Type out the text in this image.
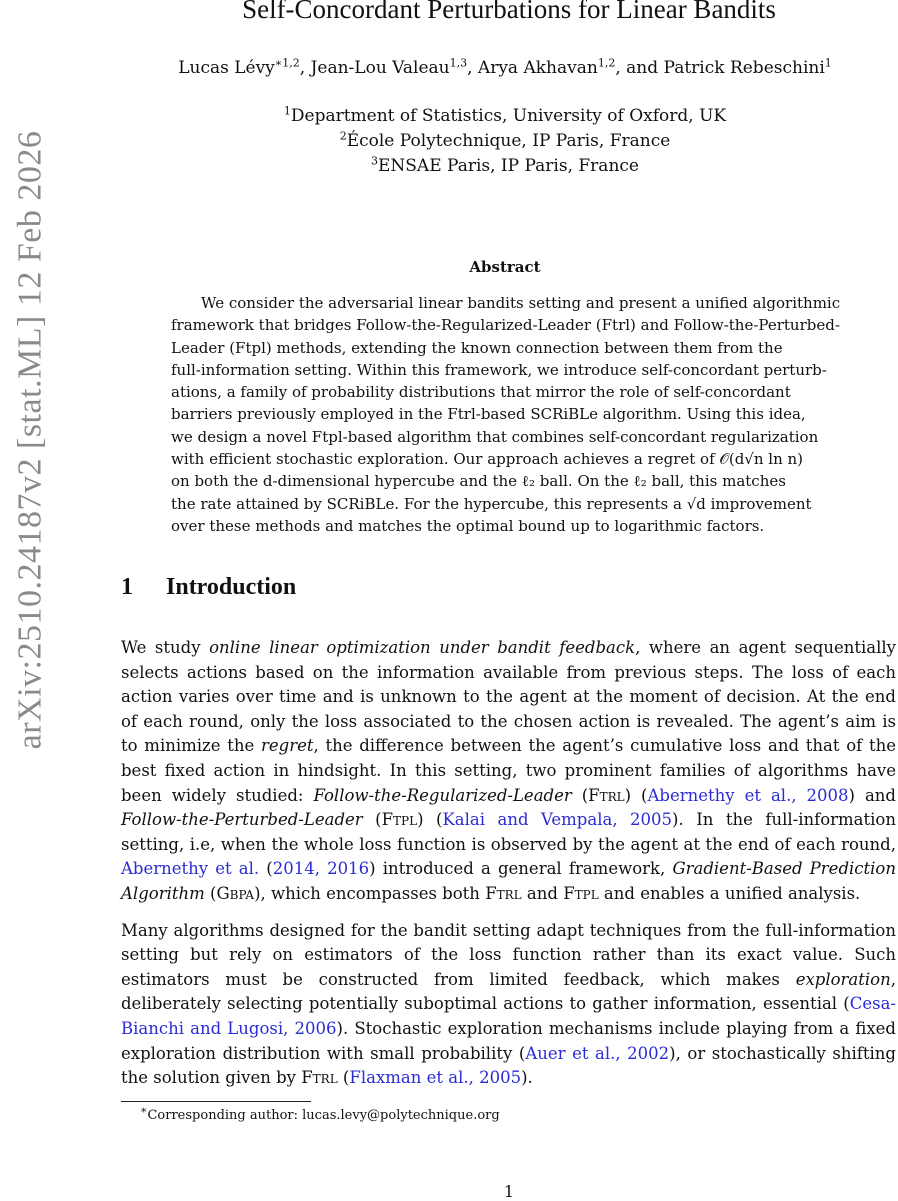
arXiv:2510.24187v2 [stat.ML] 12 Feb 2026
Self-Concordant Perturbations for Linear Bandits
Lucas Lévy$^{∗1,2}$, Jean-Lou Valeau$^{1,3}$, Arya Akhavan$^{1,2}$, and Patrick Rebeschini$^1$
$^1$Department of Statistics, University of Oxford, UK
$^2$École Polytechnique, IP Paris, France
$^3$ENSAE Paris, IP Paris, France
Abstract
We consider the adversarial linear bandits setting and present a unified algorithmic
framework that bridges Follow-the-Regularized-Leader (Ftrl) and Follow-the-Perturbed-
Leader (Ftpl) methods, extending the known connection between them from the
full-information setting. Within this framework, we introduce self-concordant perturb-
ations, a family of probability distributions that mirror the role of self-concordant
barriers previously employed in the Ftrl-based SCRiBLe algorithm. Using this idea,
we design a novel Ftpl-based algorithm that combines self-concordant regularization
with efficient stochastic exploration. Our approach achieves a regret of 𝒪(d√n ln n)
on both the d-dimensional hypercube and the ℓ₂ ball. On the ℓ₂ ball, this matches
the rate attained by SCRiBLe. For the hypercube, this represents a √d improvement
over these methods and matches the optimal bound up to logarithmic factors.
1 Introduction

We study online linear optimization under bandit feedback, where an agent sequentially selects actions based on the information available from previous steps. The loss of each action varies over time and is unknown to the agent at the moment of decision. At the end of each round, only the loss associated to the chosen action is revealed. The agent’s aim is to minimize the regret, the difference between the agent’s cumulative loss and that of the best fixed action in hindsight. In this setting, two prominent families of algorithms have been widely studied: Follow-the-Regularized-Leader (Ftrl) (Abernethy et al., 2008) and Follow-the-Perturbed-Leader (Ftpl) (Kalai and Vempala, 2005). In the full-information setting, i.e, when the whole loss function is observed by the agent at the end of each round, Abernethy et al. (2014, 2016) introduced a general framework, Gradient-Based Prediction Algorithm (Gbpa), which encompasses both Ftrl and Ftpl and enables a unified analysis.

Many algorithms designed for the bandit setting adapt techniques from the full-information setting but rely on estimators of the loss function rather than its exact value. Such estimators must be constructed from limited feedback, which makes exploration, deliberately selecting potentially suboptimal actions to gather information, essential (Cesa-Bianchi and Lugosi, 2006). Stochastic exploration mechanisms include playing from a fixed exploration distribution with small probability (Auer et al., 2002), or stochastically shifting the solution given by Ftrl (Flaxman et al., 2005).

∗Corresponding author: lucas.levy@polytechnique.org
1
